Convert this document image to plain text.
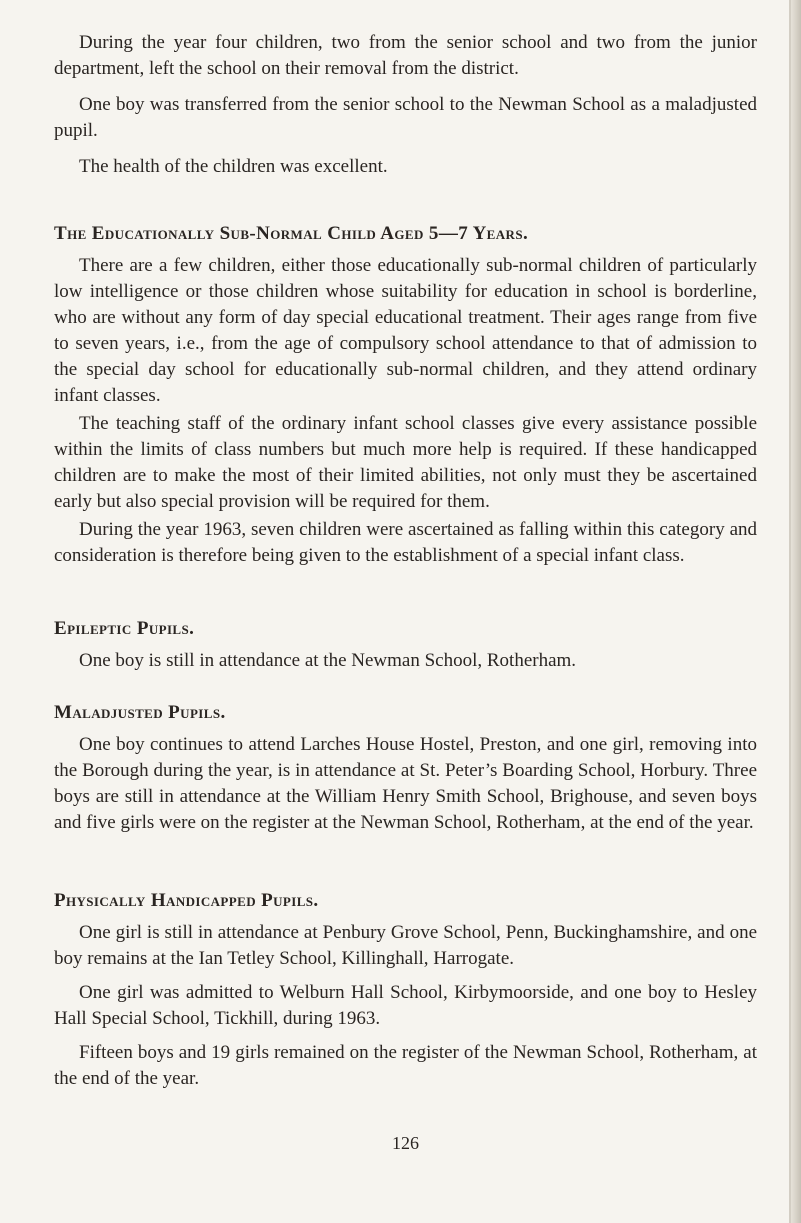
During the year four children, two from the senior school and two from the junior department, left the school on their removal from the district.

One boy was transferred from the senior school to the Newman School as a maladjusted pupil.

The health of the children was excellent.

The Educationally Sub-Normal Child Aged 5—7 Years.

There are a few children, either those educationally sub-normal children of particularly low intelligence or those children whose suitability for education in school is borderline, who are without any form of day special educational treatment. Their ages range from five to seven years, i.e., from the age of compulsory school attendance to that of admission to the special day school for educationally sub-normal children, and they attend ordinary infant classes.

The teaching staff of the ordinary infant school classes give every assistance possible within the limits of class numbers but much more help is required. If these handicapped children are to make the most of their limited abilities, not only must they be ascertained early but also special provision will be required for them.

During the year 1963, seven children were ascertained as falling within this category and consideration is therefore being given to the establishment of a special infant class.

Epileptic Pupils.

One boy is still in attendance at the Newman School, Rotherham.

Maladjusted Pupils.

One boy continues to attend Larches House Hostel, Preston, and one girl, removing into the Borough during the year, is in attendance at St. Peter’s Boarding School, Horbury. Three boys are still in attendance at the William Henry Smith School, Brighouse, and seven boys and five girls were on the register at the Newman School, Rotherham, at the end of the year.

Physically Handicapped Pupils.

One girl is still in attendance at Penbury Grove School, Penn, Buckinghamshire, and one boy remains at the Ian Tetley School, Killinghall, Harrogate.

One girl was admitted to Welburn Hall School, Kirbymoorside, and one boy to Hesley Hall Special School, Tickhill, during 1963.

Fifteen boys and 19 girls remained on the register of the Newman School, Rotherham, at the end of the year.

126
